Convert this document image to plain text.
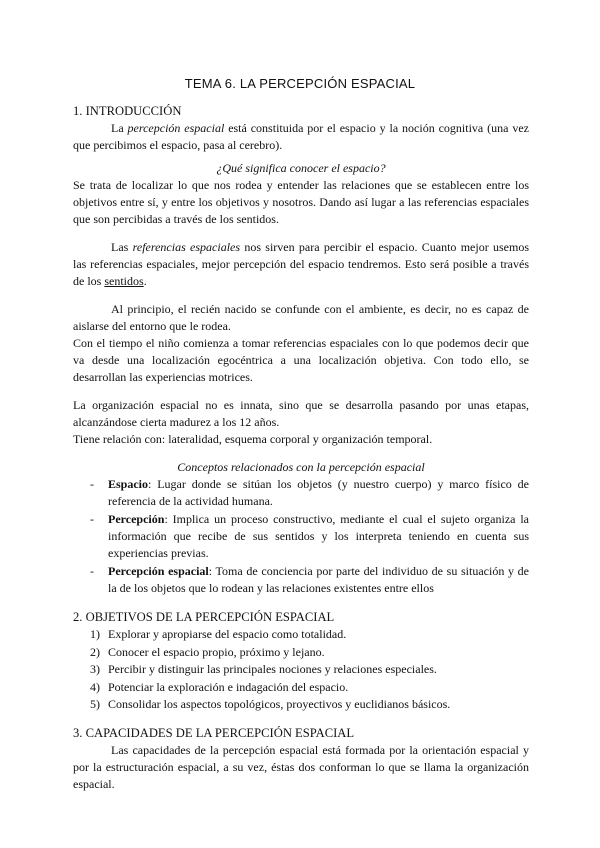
TEMA 6. LA PERCEPCIÓN ESPACIAL
1. INTRODUCCIÓN

La percepción espacial está constituida por el espacio y la noción cognitiva (una vez que percibimos el espacio, pasa al cerebro).

¿Qué significa conocer el espacio?

Se trata de localizar lo que nos rodea y entender las relaciones que se establecen entre los objetivos entre sí, y entre los objetivos y nosotros. Dando así lugar a las referencias espaciales que son percibidas a través de los sentidos.

Las referencias espaciales nos sirven para percibir el espacio. Cuanto mejor usemos las referencias espaciales, mejor percepción del espacio tendremos. Esto será posible a través de los sentidos.

Al principio, el recién nacido se confunde con el ambiente, es decir, no es capaz de aislarse del entorno que le rodea.

Con el tiempo el niño comienza a tomar referencias espaciales con lo que podemos decir que va desde una localización egocéntrica a una localización objetiva. Con todo ello, se desarrollan las experiencias motrices.

La organización espacial no es innata, sino que se desarrolla pasando por unas etapas, alcanzándose cierta madurez a los 12 años.

Tiene relación con: lateralidad, esquema corporal y organización temporal.

Conceptos relacionados con la percepción espacial

- Espacio: Lugar donde se sitúan los objetos (y nuestro cuerpo) y marco físico de referencia de la actividad humana.
- Percepción: Implica un proceso constructivo, mediante el cual el sujeto organiza la información que recibe de sus sentidos y los interpreta teniendo en cuenta sus experiencias previas.
- Percepción espacial: Toma de conciencia por parte del individuo de su situación y de la de los objetos que lo rodean y las relaciones existentes entre ellos
2. OBJETIVOS DE LA PERCEPCIÓN ESPACIAL
1) Explorar y apropiarse del espacio como totalidad.
2) Conocer el espacio propio, próximo y lejano.
3) Percibir y distinguir las principales nociones y relaciones especiales.
4) Potenciar la exploración e indagación del espacio.
5) Consolidar los aspectos topológicos, proyectivos y euclidianos básicos.
3. CAPACIDADES DE LA PERCEPCIÓN ESPACIAL

Las capacidades de la percepción espacial está formada por la orientación espacial y por la estructuración espacial, a su vez, éstas dos conforman lo que se llama la organización espacial.
